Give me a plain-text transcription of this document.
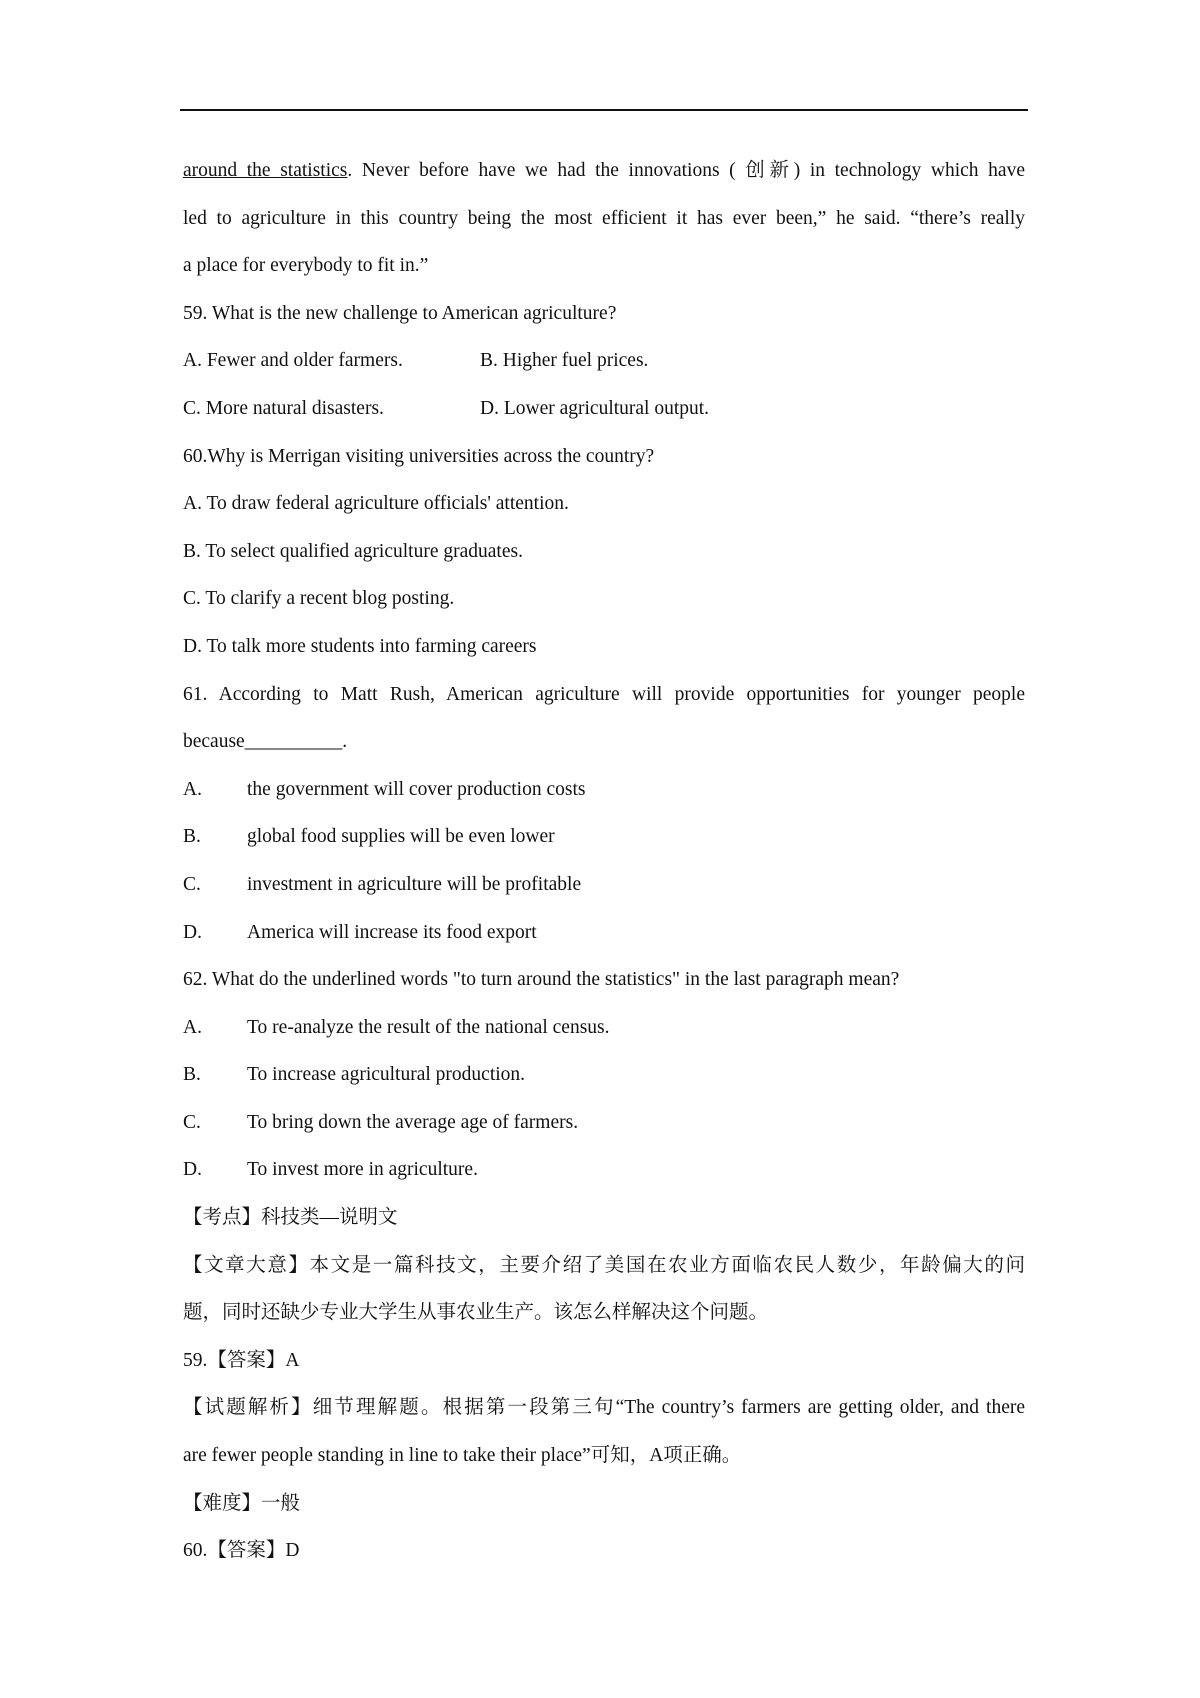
around the statistics. Never before have we had the innovations ( 创新) in technology which have
led to agriculture in this country being the most efficient it has ever been,” he said. “there’s really
a place for everybody to fit in.”
59. What is the new challenge to American agriculture?
A. Fewer and older farmers.	B. Higher fuel prices.
C. More natural disasters.	D. Lower agricultural output.
60.Why is Merrigan visiting universities across the country?
A. To draw federal agriculture officials' attention.
B. To select qualified agriculture graduates.
C. To clarify a recent blog posting.
D. To talk more students into farming careers
61. According to Matt Rush, American agriculture will provide opportunities for younger people
because__________.
A. the government will cover production costs
B. global food supplies will be even lower
C. investment in agriculture will be profitable
D. America will increase its food export
62. What do the underlined words "to turn around the statistics" in the last paragraph mean?
A. To re-analyze the result of the national census.
B. To increase agricultural production.
C. To bring down the average age of farmers.
D. To invest more in agriculture.
【考点】科技类—说明文
【文章大意】本文是一篇科技文，主要介绍了美国在农业方面临农民人数少，年龄偏大的问
题，同时还缺少专业大学生从事农业生产。该怎么样解决这个问题。
59.【答案】A
【试题解析】细节理解题。根据第一段第三句“The country’s farmers are getting older, and there
are fewer people standing in line to take their place”可知，A项正确。
【难度】一般
60.【答案】D
